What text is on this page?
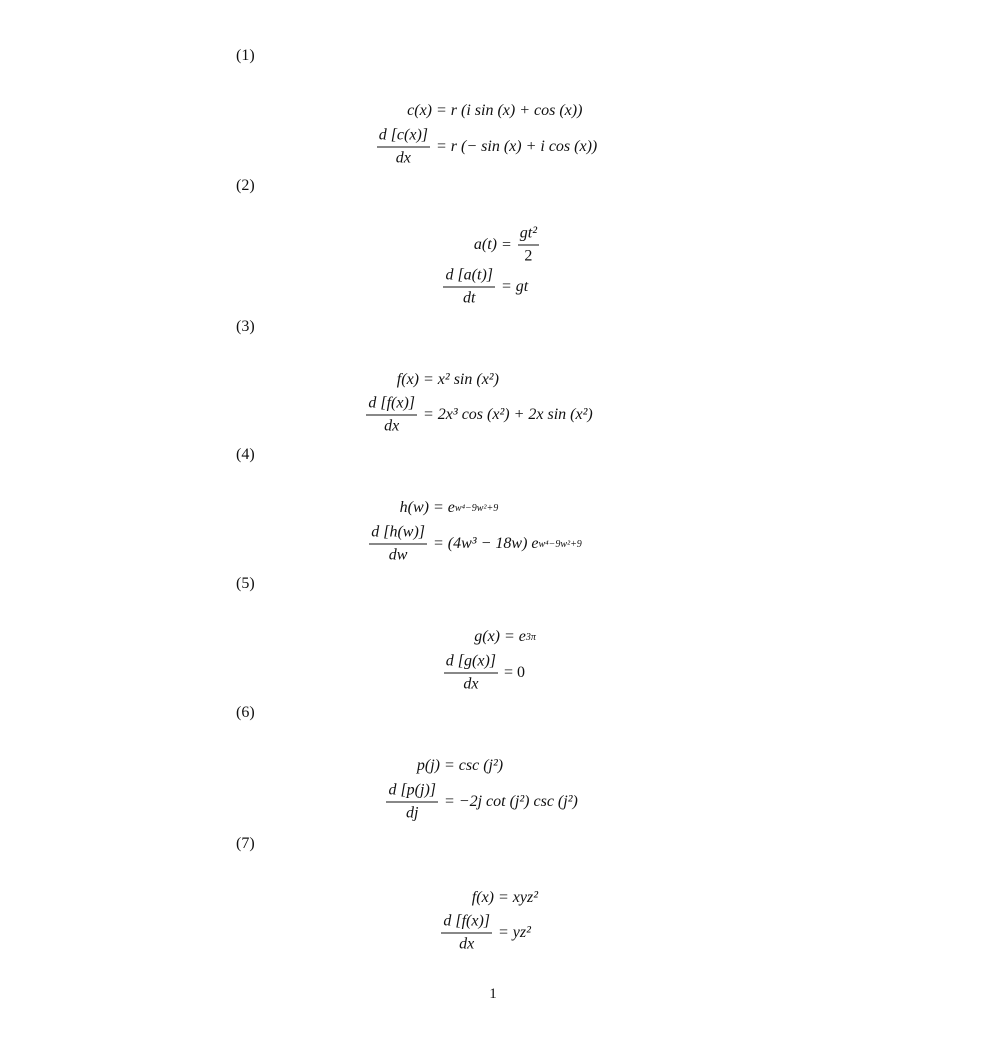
(1)
c(x) = r (i sin (x) + cos (x))
$\frac{d [c(x)]}{dx} = r$ (− sin (x) + i cos (x))
(2)
$a(t) = \frac{\text{gt²}}{2}$
$\frac{d [a(t)]}{dt}$ = gt
(3)
f(x) = x² sin (x²)
$\frac{d [f(x)]}{dx} = 2x^3$ cos (x²) + 2x sin (x²)
(4)
h(w) = e w⁴−9w²+9
$\frac{d [h(w)]}{dw} = (4w^3 - 18w)$ e w⁴−9w²+9
(5)
g(x) = e 3π
$\frac{d [g(x)]}{dx} = 0$
(6)
p(j) = csc (j²)
$\frac{d [p(j)]}{dj} = -2j$ cot (j²) csc (j²)
(7)
f(x) = xyz²
$\frac{d [f(x)]}{dx} = yz^2$
1
